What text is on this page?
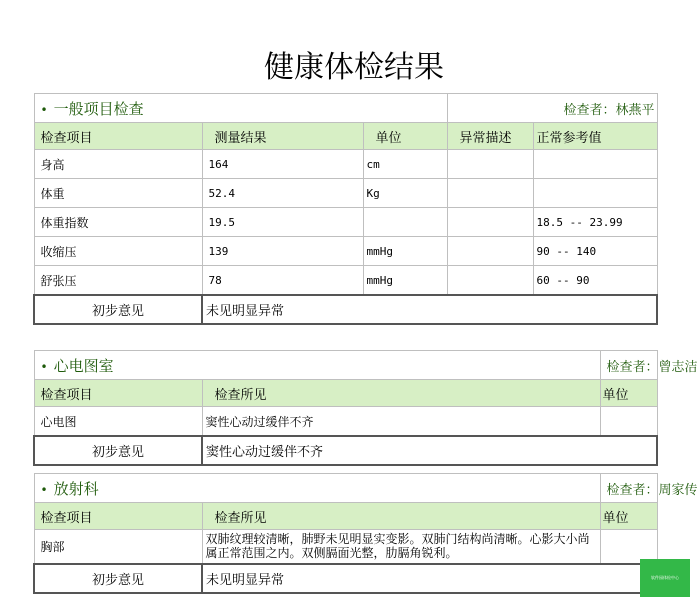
健康体检结果
• 一般项目检查			检查者：林燕平	
检查项目	测量结果	单位	异常描述	正常参考值
身高	164	cm		
体重	52.4	Kg		
体重指数	19.5			18.5 -- 23.99
收缩压	139	mmHg		90 -- 140
舒张压	78	mmHg		60 -- 90
初步意见	未见明显异常			
• 心电图室		检查者：曾志洁
检查项目	检查所见	单位
心电图	窦性心动过缓伴不齐	
初步意见	窦性心动过缓伴不齐	
• 放射科		检查者：周家传
检查项目	检查所见	单位
胸部	双肺纹理较清晰，肺野未见明显实变影。双肺门结构尚清晰。心影大小尚属正常范围之内。双侧膈面光整，肋膈角锐利。	
初步意见	未见明显异常		软件园体检中心
